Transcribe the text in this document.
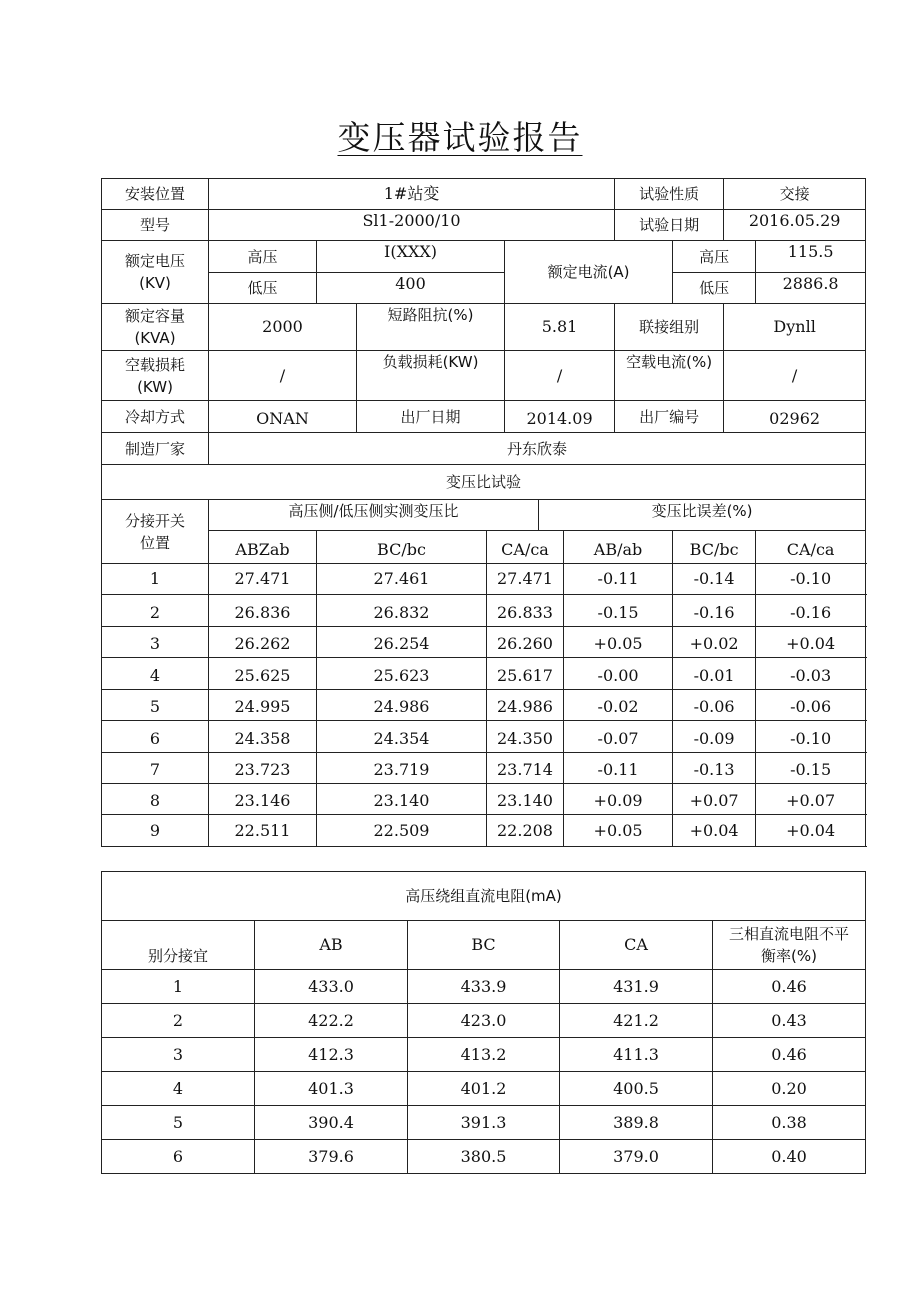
变压器试验报告
安装位置	1#站变							试验性质		交接	
型号	Sl1-2000/10							试验日期		2016.05.29	

额定电压
(KV)	高压	I(XXX)			额定电流(A)				高压		115.5
	低压	400							低压		2886.8

额定容量
(KVA)	2000		短路阻抗(%)		5.81			联接组别		Dynll	

空载损耗
(KW)	/		负载损耗(KW)		/			空载电流(%)		/	
冷却方式	ONAN		出厂日期		2014.09			出厂编号		02962	
制造厂家	丹东欣泰										
变压比试验											

分接开关
位置	高压侧/低压侧实测变压比					变压比误差(%)					
	ABZab	BC/bc		CA/ca			AB/ab		BC/bc		CA/ca
1	27.471	27.461		27.471			-0.11		-0.14		-0.10
2	26.836	26.832		26.833			-0.15		-0.16		-0.16
3	26.262	26.254		26.260			+0.05		+0.02		+0.04
4	25.625	25.623		25.617			-0.00		-0.01		-0.03
5	24.995	24.986		24.986			-0.02		-0.06		-0.06
6	24.358	24.354		24.350			-0.07		-0.09		-0.10
7	23.723	23.719		23.714			-0.11		-0.13		-0.15
8	23.146	23.140		23.140			+0.09		+0.07		+0.07
9	22.511	22.509		22.208			+0.05		+0.04		+0.04
高压绕组直流电阻(mA)				
别分接宜	AB	BC	CA	三相直流电阻不平
衡率(%)

1	433.0	433.9	431.9	0.46
2	422.2	423.0	421.2	0.43
3	412.3	413.2	411.3	0.46
4	401.3	401.2	400.5	0.20
5	390.4	391.3	389.8	0.38
6	379.6	380.5	379.0	0.40
